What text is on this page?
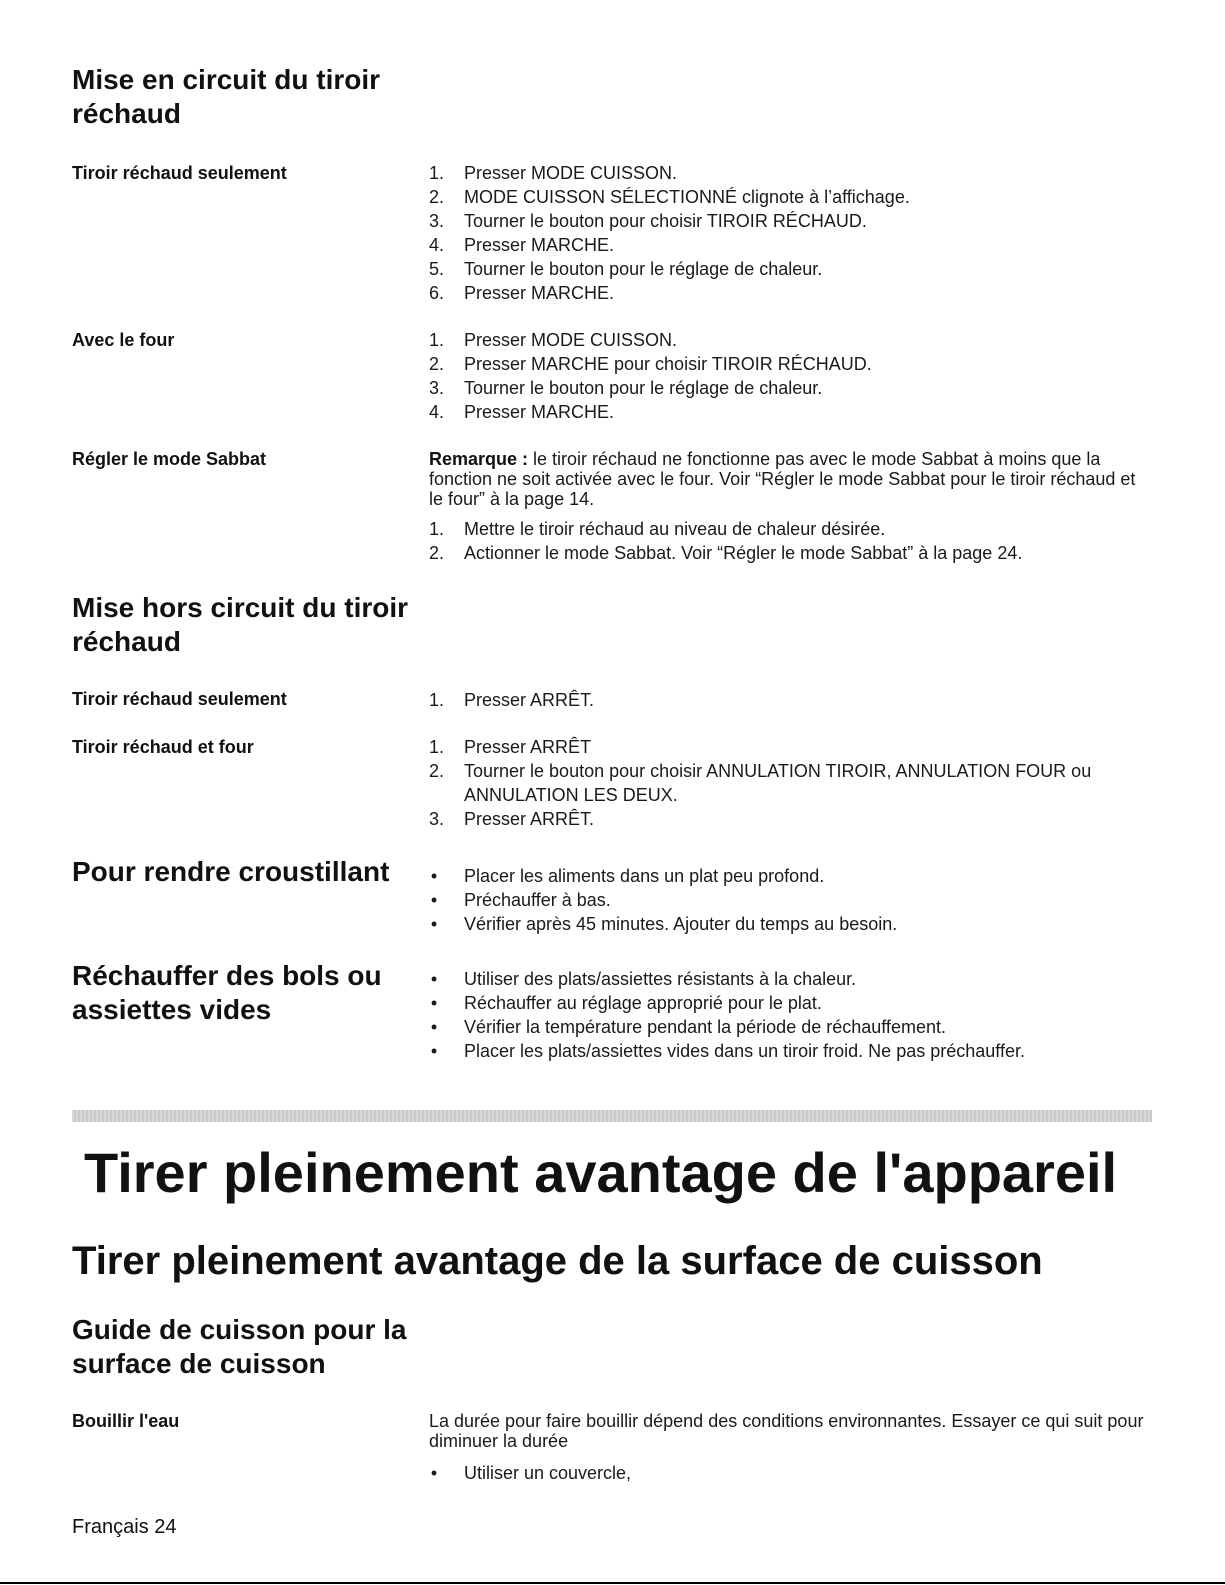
Mise en circuit du tiroir réchaud
Tiroir réchaud seulement	1.	Presser MODE CUISSON.
2.	MODE CUISSON SÉLECTIONNÉ clignote à l’affichage.
3.	Tourner le bouton pour choisir TIROIR RÉCHAUD.
4.	Presser MARCHE.
5.	Tourner le bouton pour le réglage de chaleur.
6.	Presser MARCHE.
Avec le four	1.	Presser MODE CUISSON.
2.	Presser MARCHE pour choisir TIROIR RÉCHAUD.
3.	Tourner le bouton pour le réglage de chaleur.
4.	Presser MARCHE.
Régler le mode Sabbat	Remarque : le tiroir réchaud ne fonctionne pas avec le mode Sabbat à moins que la fonction ne soit activée avec le four. Voir “Régler le mode Sabbat pour le tiroir réchaud et le four” à la page 14.
1.	Mettre le tiroir réchaud au niveau de chaleur désirée.
2.	Actionner le mode Sabbat. Voir “Régler le mode Sabbat” à la page 24.
Mise hors circuit du tiroir réchaud
Tiroir réchaud seulement	1.	Presser ARRÊT.
Tiroir réchaud et four	1.	Presser ARRÊT
2.	Tourner le bouton pour choisir ANNULATION TIROIR, ANNULATION FOUR ou ANNULATION LES DEUX.
3.	Presser ARRÊT.
Pour rendre croustillant	• Placer les aliments dans un plat peu profond.
• Préchauffer à bas.
• Vérifier après 45 minutes. Ajouter du temps au besoin.
Réchauffer des bols ou assiettes vides
• Utiliser des plats/assiettes résistants à la chaleur.
• Réchauffer au réglage approprié pour le plat.
• Vérifier la température pendant la période de réchauffement.
• Placer les plats/assiettes vides dans un tiroir froid. Ne pas préchauffer.
Tirer pleinement avantage de l'appareil
Tirer pleinement avantage de la surface de cuisson
Guide de cuisson pour la surface de cuisson
Bouillir l'eau	La durée pour faire bouillir dépend des conditions environnantes. Essayer ce qui suit pour diminuer la durée
• Utiliser un couvercle,
Français 24
